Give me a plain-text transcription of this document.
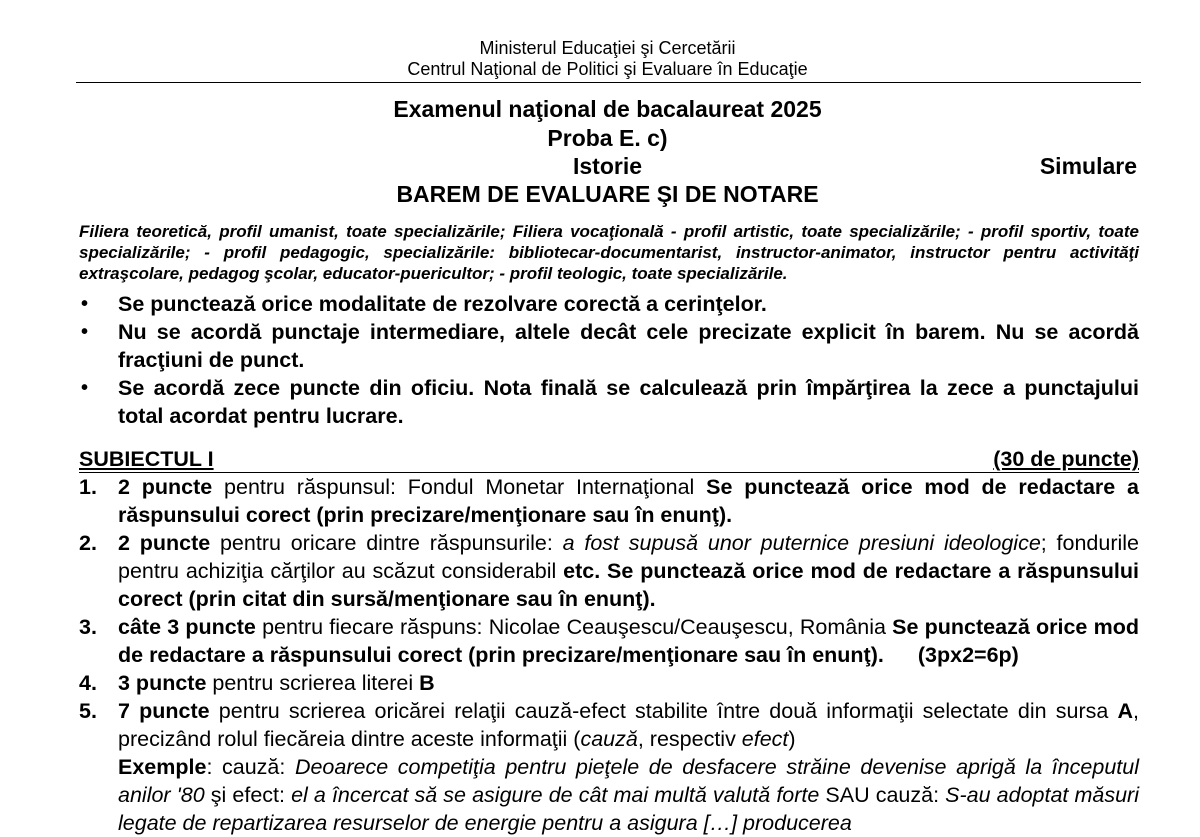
Ministerul Educaţiei şi Cercetării
Centrul Naţional de Politici şi Evaluare în Educaţie
Examenul naţional de bacalaureat 2025
Proba E. c)
Istorie	Simulare
BAREM DE EVALUARE ŞI DE NOTARE
Filiera teoretică, profil umanist, toate specializările; Filiera vocaţională - profil artistic, toate specializările; - profil sportiv, toate specializările; - profil pedagogic, specializările: bibliotecar-documentarist, instructor-animator, instructor pentru activităţi extraşcolare, pedagog şcolar, educator-puericultor; - profil teologic, toate specializările.
• Se punctează orice modalitate de rezolvare corectă a cerinţelor.
• Nu se acordă punctaje intermediare, altele decât cele precizate explicit în barem. Nu se acordă fracţiuni de punct.
• Se acordă zece puncte din oficiu. Nota finală se calculează prin împărţirea la zece a punctajului total acordat pentru lucrare.
SUBIECTUL I	(30 de puncte)
1. 2 puncte pentru răspunsul: Fondul Monetar Internaţional Se punctează orice mod de redactare a răspunsului corect (prin precizare/menţionare sau în enunţ).
2. 2 puncte pentru oricare dintre răspunsurile: a fost supusă unor puternice presiuni ideologice; fondurile pentru achiziţia cărţilor au scăzut considerabil etc. Se punctează orice mod de redactare a răspunsului corect (prin citat din sursă/menţionare sau în enunţ).
3. câte 3 puncte pentru fiecare răspuns: Nicolae Ceauşescu/Ceauşescu, România Se punctează orice mod de redactare a răspunsului corect (prin precizare/menţionare sau în enunţ). (3px2=6p)
4. 3 puncte pentru scrierea literei B
5. 7 puncte pentru scrierea oricărei relaţii cauză-efect stabilite între două informaţii selectate din sursa A, precizând rolul fiecăreia dintre aceste informaţii (cauză, respectiv efect)
Exemple: cauză: Deoarece competiţia pentru pieţele de desfacere străine devenise aprigă la începutul anilor '80 şi efect: el a încercat să se asigure de cât mai multă valută forte SAU cauză: S-au adoptat măsuri legate de repartizarea resurselor de energie pentru a asigura […] producerea
